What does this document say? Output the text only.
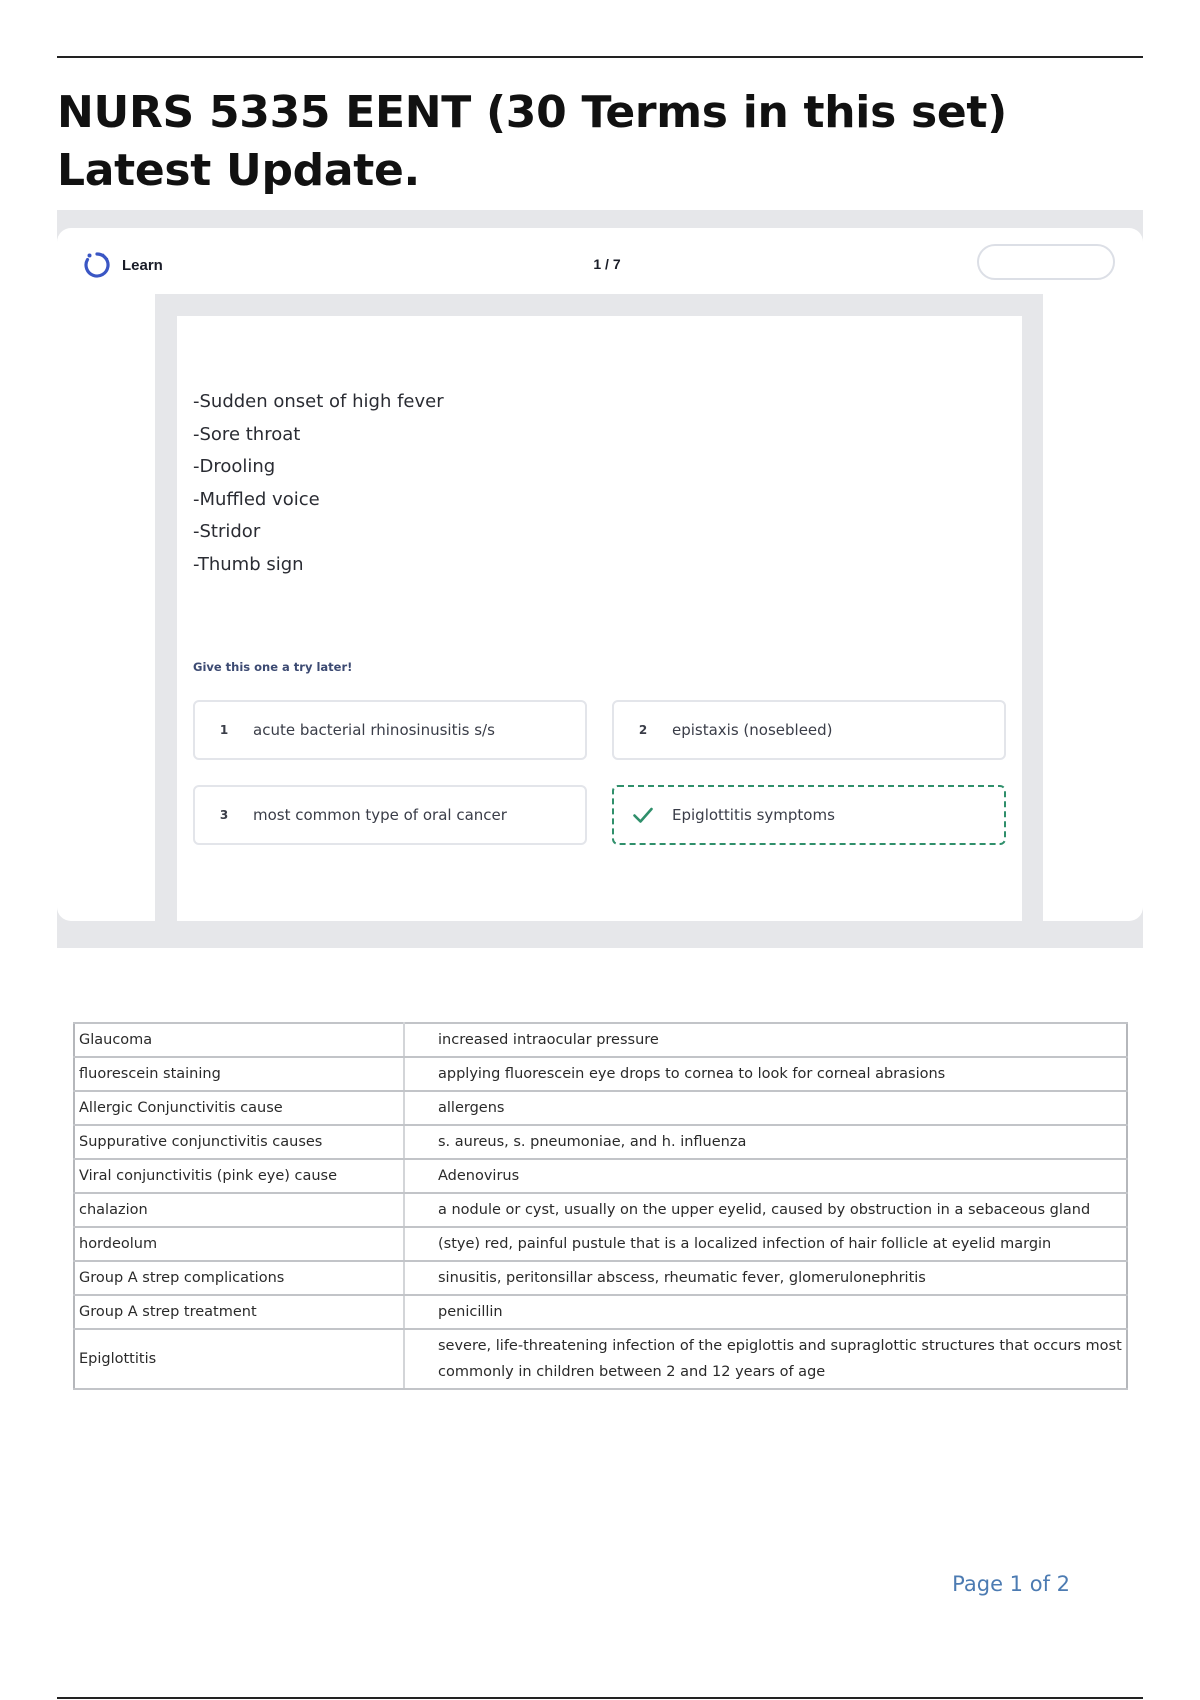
NURS 5335 EENT (30 Terms in this set) Latest Update.
Learn	1 / 7
-Sudden onset of high fever
-Sore throat
-Drooling
-Muffled voice
-Stridor
-Thumb sign
Give this one a try later!
1	acute bacterial rhinosinusitis s/s	2	epistaxis (nosebleed)
3	most common type of oral cancer	Epiglottitis symptoms
Glaucoma	increased intraocular pressure
fluorescein staining	applying fluorescein eye drops to cornea to look for corneal abrasions
Allergic Conjunctivitis cause	allergens
Suppurative conjunctivitis causes	s. aureus, s. pneumoniae, and h. influenza
Viral conjunctivitis (pink eye) cause	Adenovirus
chalazion	a nodule or cyst, usually on the upper eyelid, caused by obstruction in a sebaceous gland
hordeolum	(stye) red, painful pustule that is a localized infection of hair follicle at eyelid margin
Group A strep complications	sinusitis, peritonsillar abscess, rheumatic fever, glomerulonephritis
Group A strep treatment	penicillin
Epiglottitis	severe, life-threatening infection of the epiglottis and supraglottic structures that occurs most commonly in children between 2 and 12 years of age
Page 1 of 2
